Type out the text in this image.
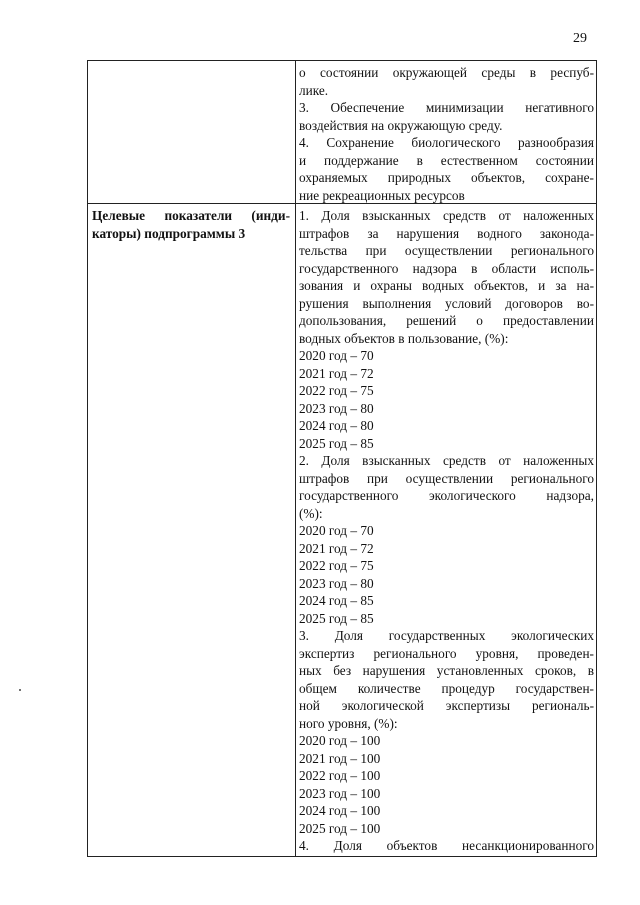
29
о состоянии окружающей среды в респуб-
лике.
3. Обеспечение минимизации негативного
воздействия на окружающую среду.
4. Сохранение биологического разнообразия
и поддержание в естественном состоянии
охраняемых природных объектов, сохране-
ние рекреационных ресурсов
Целевые показатели (инди-
каторы) подпрограммы 3
1. Доля взысканных средств от наложенных
штрафов за нарушения водного законода-
тельства при осуществлении регионального
государственного надзора в области исполь-
зования и охраны водных объектов, и за на-
рушения выполнения условий договоров во-
допользования, решений о предоставлении
водных объектов в пользование, (%):
2020 год – 70
2021 год – 72
2022 год – 75
2023 год – 80
2024 год – 80
2025 год – 85
2. Доля взысканных средств от наложенных
штрафов при осуществлении регионального
государственного экологического надзора,
(%):
2020 год – 70
2021 год – 72
2022 год – 75
2023 год – 80
2024 год – 85
2025 год – 85
3. Доля государственных экологических
экспертиз регионального уровня, проведен-
ных без нарушения установленных сроков, в
общем количестве процедур государствен-
ной экологической экспертизы региональ-
ного уровня, (%):
2020 год – 100
2021 год – 100
2022 год – 100
2023 год – 100
2024 год – 100
2025 год – 100
4. Доля объектов несанкционированного
